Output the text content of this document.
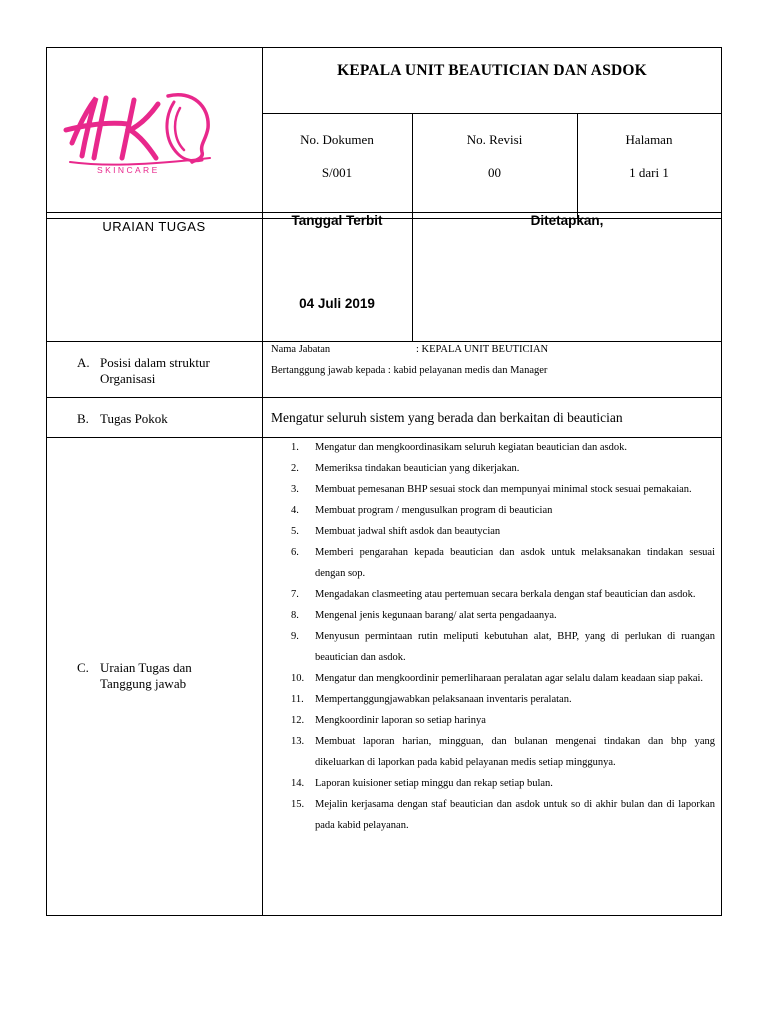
SKINCARE
KEPALA UNIT BEAUTICIAN DAN ASDOK
No. Dokumen
S/001
No. Revisi
00
Halaman
1 dari 1
URAIAN TUGAS	Tanggal Terbit
04 Juli 2019
Ditetapkan,
A. Posisi dalam struktur
Organisasi
Nama Jabatan	: KEPALA UNIT BEUTICIAN
Bertanggung jawab kepada : kabid pelayanan medis dan Manager
B. Tugas Pokok	Mengatur seluruh sistem yang berada dan berkaitan di beautician
C. Uraian Tugas dan
Tanggung jawab
1.	Mengatur dan mengkoordinasikam seluruh kegiatan beautician dan asdok.
2.	Memeriksa tindakan beautician yang dikerjakan.
3.	Membuat pemesanan BHP sesuai stock dan mempunyai minimal stock sesuai pemakaian.
4.	Membuat program / mengusulkan program di beautician
5.	Membuat jadwal shift asdok dan beautycian
6.	Memberi pengarahan kepada beautician dan asdok untuk melaksanakan tindakan sesuai dengan sop.
7.	Mengadakan clasmeeting atau pertemuan secara berkala dengan staf beautician dan asdok.
8.	Mengenal jenis kegunaan barang/ alat serta pengadaanya.
9.	Menyusun permintaan rutin meliputi kebutuhan alat, BHP, yang di perlukan di ruangan beautician dan asdok.
10.	Mengatur dan mengkoordinir pemerliharaan peralatan agar selalu dalam keadaan siap pakai.
11.	Mempertanggungjawabkan pelaksanaan inventaris peralatan.
12.	Mengkoordinir laporan so setiap harinya
13.	Membuat laporan harian, mingguan, dan bulanan mengenai tindakan dan bhp yang dikeluarkan di laporkan pada kabid pelayanan medis setiap minggunya.
14.	Laporan kuisioner setiap minggu dan rekap setiap bulan.
15.	Mejalin kerjasama dengan staf beautician dan asdok untuk so di akhir bulan dan di laporkan pada kabid pelayanan.
